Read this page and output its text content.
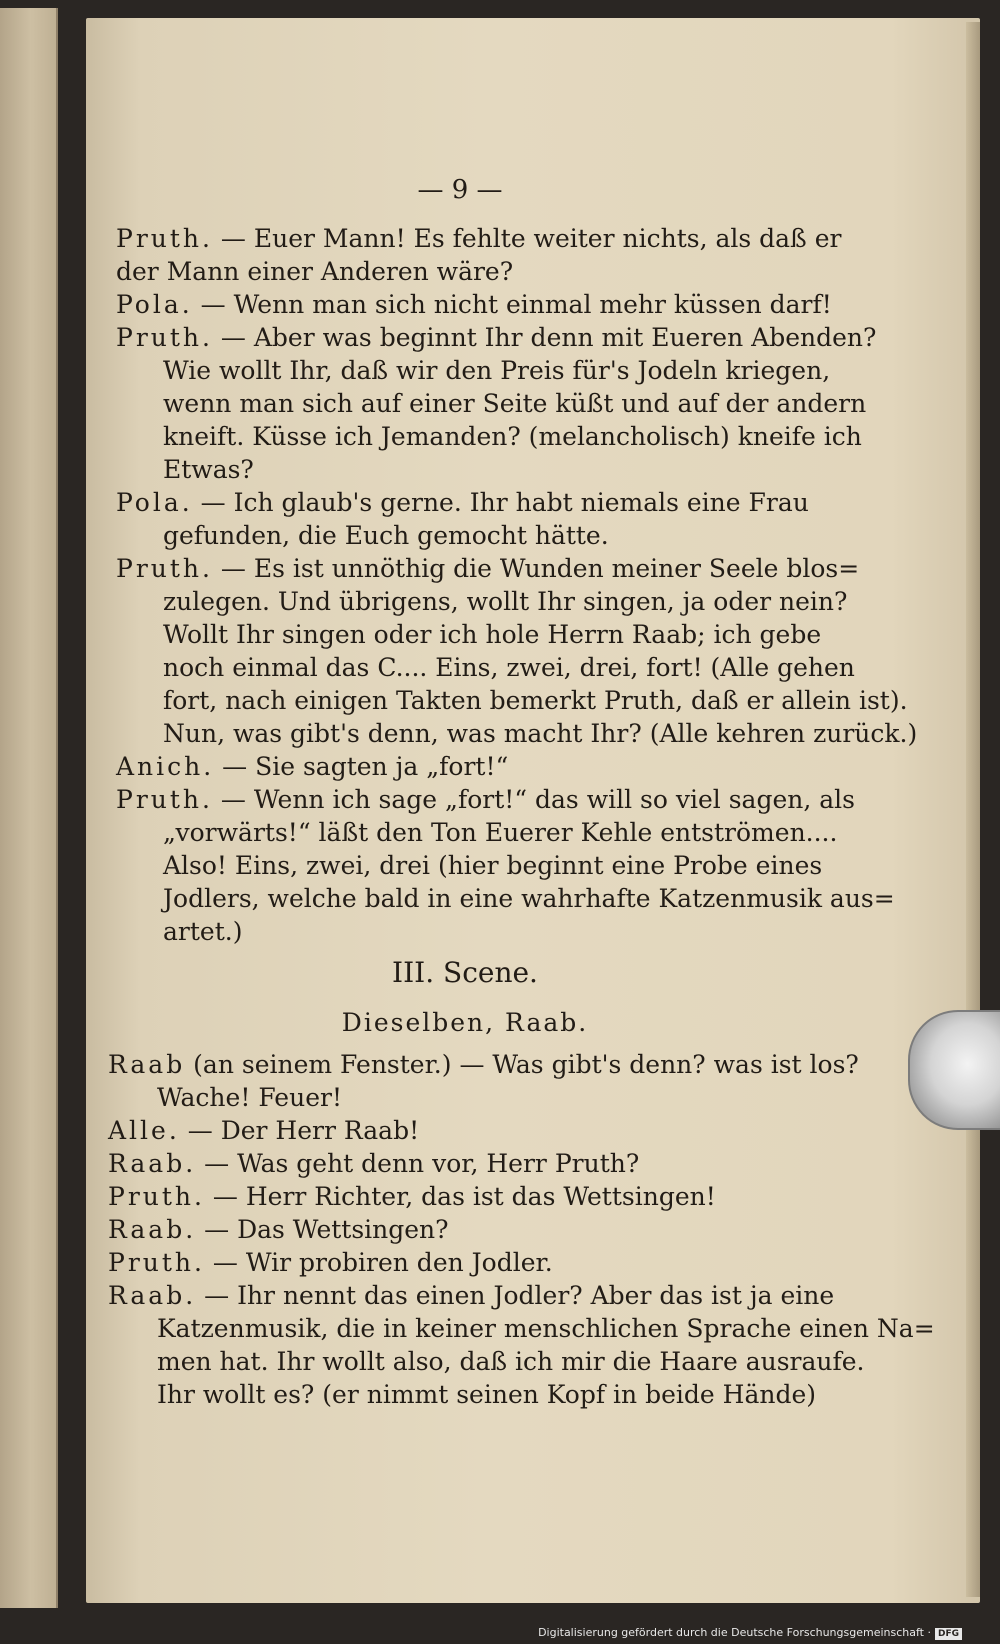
— 9 —
Pruth. — Euer Mann! Es fehlte weiter nichts, als daß er
der Mann einer Anderen wäre?
Pola. — Wenn man sich nicht einmal mehr küssen darf!
Pruth. — Aber was beginnt Ihr denn mit Eueren Abenden?
Wie wollt Ihr, daß wir den Preis für's Jodeln kriegen,
wenn man sich auf einer Seite küßt und auf der andern
kneift. Küsse ich Jemanden? (melancholisch) kneife ich
Etwas?
Pola. — Ich glaub's gerne. Ihr habt niemals eine Frau
gefunden, die Euch gemocht hätte.
Pruth. — Es ist unnöthig die Wunden meiner Seele blos=
zulegen. Und übrigens, wollt Ihr singen, ja oder nein?
Wollt Ihr singen oder ich hole Herrn Raab; ich gebe
noch einmal das C.... Eins, zwei, drei, fort! (Alle gehen
fort, nach einigen Takten bemerkt Pruth, daß er allein ist).
Nun, was gibt's denn, was macht Ihr? (Alle kehren zurück.)
Anich. — Sie sagten ja „fort!“
Pruth. — Wenn ich sage „fort!“ das will so viel sagen, als
„vorwärts!“ läßt den Ton Euerer Kehle entströmen....
Also! Eins, zwei, drei (hier beginnt eine Probe eines
Jodlers, welche bald in eine wahrhafte Katzenmusik aus=
artet.)
III. Scene.
Dieselben, Raab.
Raab (an seinem Fenster.) — Was gibt's denn? was ist los?
Wache! Feuer!
Alle. — Der Herr Raab!
Raab. — Was geht denn vor, Herr Pruth?
Pruth. — Herr Richter, das ist das Wettsingen!
Raab. — Das Wettsingen?
Pruth. — Wir probiren den Jodler.
Raab. — Ihr nennt das einen Jodler? Aber das ist ja eine
Katzenmusik, die in keiner menschlichen Sprache einen Na=
men hat. Ihr wollt also, daß ich mir die Haare ausraufe.
Ihr wollt es? (er nimmt seinen Kopf in beide Hände)
Digitalisierung gefördert durch die Deutsche Forschungsgemeinschaft · DFG
